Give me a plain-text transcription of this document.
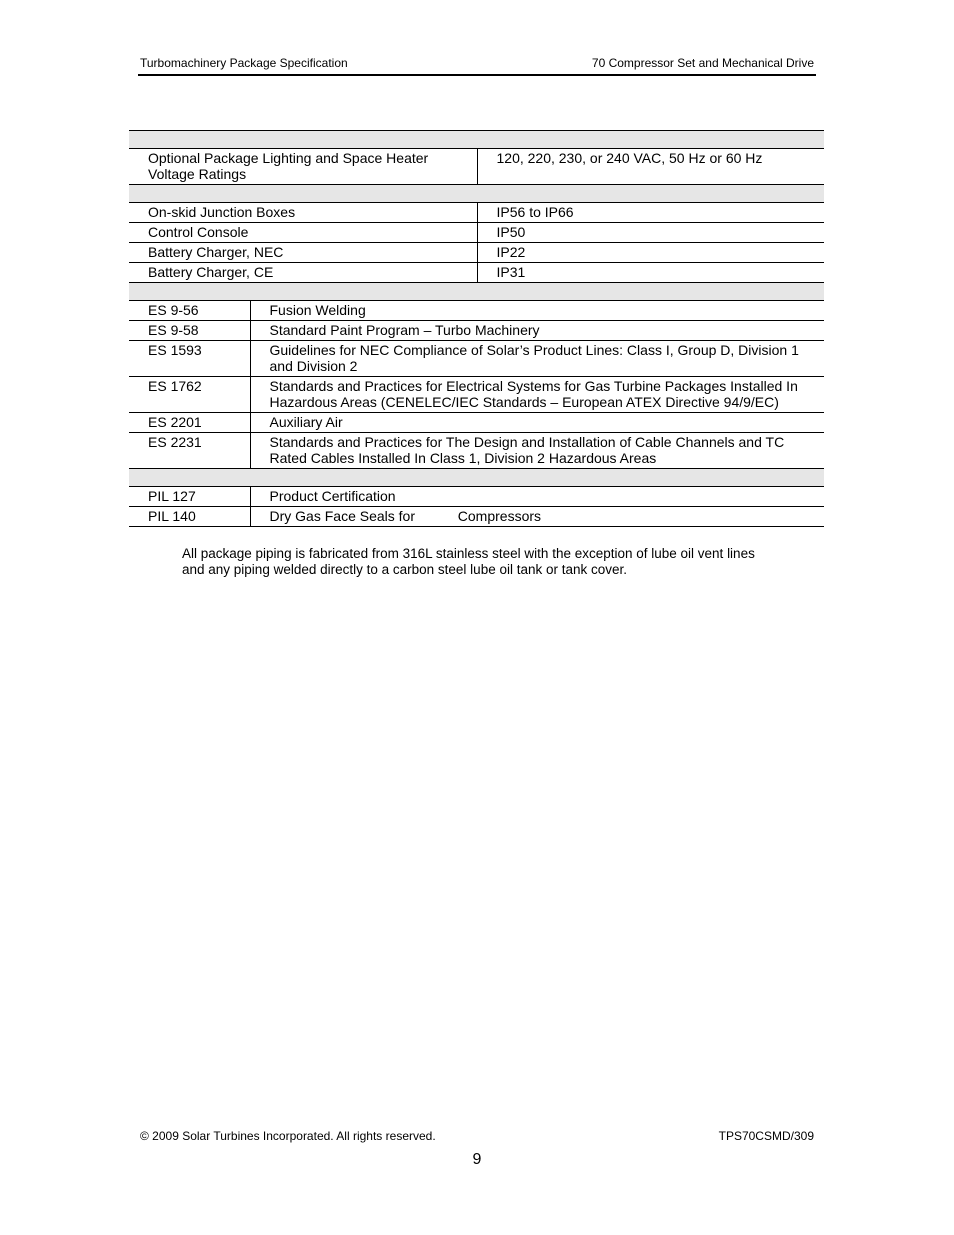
Turbomachinery Package Specification	70 Compressor Set and Mechanical Drive

Optional Package Lighting and Space Heater Voltage Ratings		120, 220, 230, or 240 VAC, 50 Hz or 60 Hz

On-skid Junction Boxes		IP56 to IP66
Control Console		IP50
Battery Charger, NEC		IP22
Battery Charger, CE		IP31

ES 9-56	Fusion Welding	
ES 9-58	Standard Paint Program – Turbo Machinery	
ES 1593	Guidelines for NEC Compliance of Solar’s Product Lines: Class I, Group D, Division 1 and Division 2	
ES 1762	Standards and Practices for Electrical Systems for Gas Turbine Packages Installed In Hazardous Areas (CENELEC/IEC Standards – European ATEX Directive 94/9/EC)	
ES 2201	Auxiliary Air	
ES 2231	Standards and Practices for The Design and Installation of Cable Channels and TC Rated Cables Installed In Class 1, Division 2 Hazardous Areas	

PIL 127	Product Certification	
PIL 140	Dry Gas Face Seals for           Compressors	
All package piping is fabricated from 316L stainless steel with the exception of lube oil vent lines and any piping welded directly to a carbon steel lube oil tank or tank cover.
© 2009 Solar Turbines Incorporated. All rights reserved.	TPS70CSMD/309
9
